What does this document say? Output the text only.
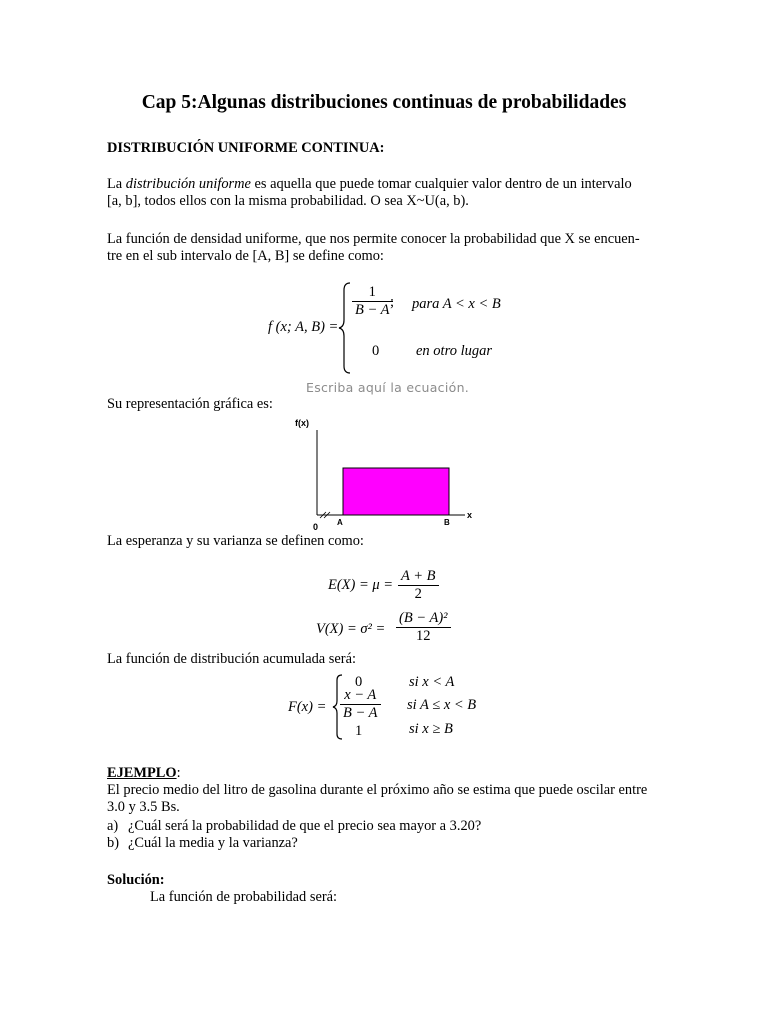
Cap 5:Algunas distribuciones continuas de probabilidades
DISTRIBUCIÓN UNIFORME CONTINUA:
La distribución uniforme es aquella que puede tomar cualquier valor dentro de un intervalo
[a, b], todos ellos con la misma probabilidad. O sea X~U(a, b).
La función de densidad uniforme, que nos permite conocer la probabilidad que X se encuen-
tre en el sub intervalo de [A, B] se define como:
f (x; A, B) =
$\frac{1}{B - A}$
; para A < x < B
0	en otro lugar
Escriba aquí la ecuación.
Su representación gráfica es:
f(x)
x
0 A	B
La esperanza y su varianza se definen como:
$E(X) = \mu = \frac{A + B}{2}$
$V(X) = \sigma^2 = \frac{\text{(B − A)²}}{12}$
La función de distribución acumulada será:
F(x) =
0	si x < A
$\frac{x - A}{B - A}$ si A ≤ x < B
1	si x ≥ B
EJEMPLO:
El precio medio del litro de gasolina durante el próximo año se estima que puede oscilar entre
3.0 y 3.5 Bs.
a) ¿Cuál será la probabilidad de que el precio sea mayor a 3.20?
b) ¿Cuál la media y la varianza?
Solución:
La función de probabilidad será:
